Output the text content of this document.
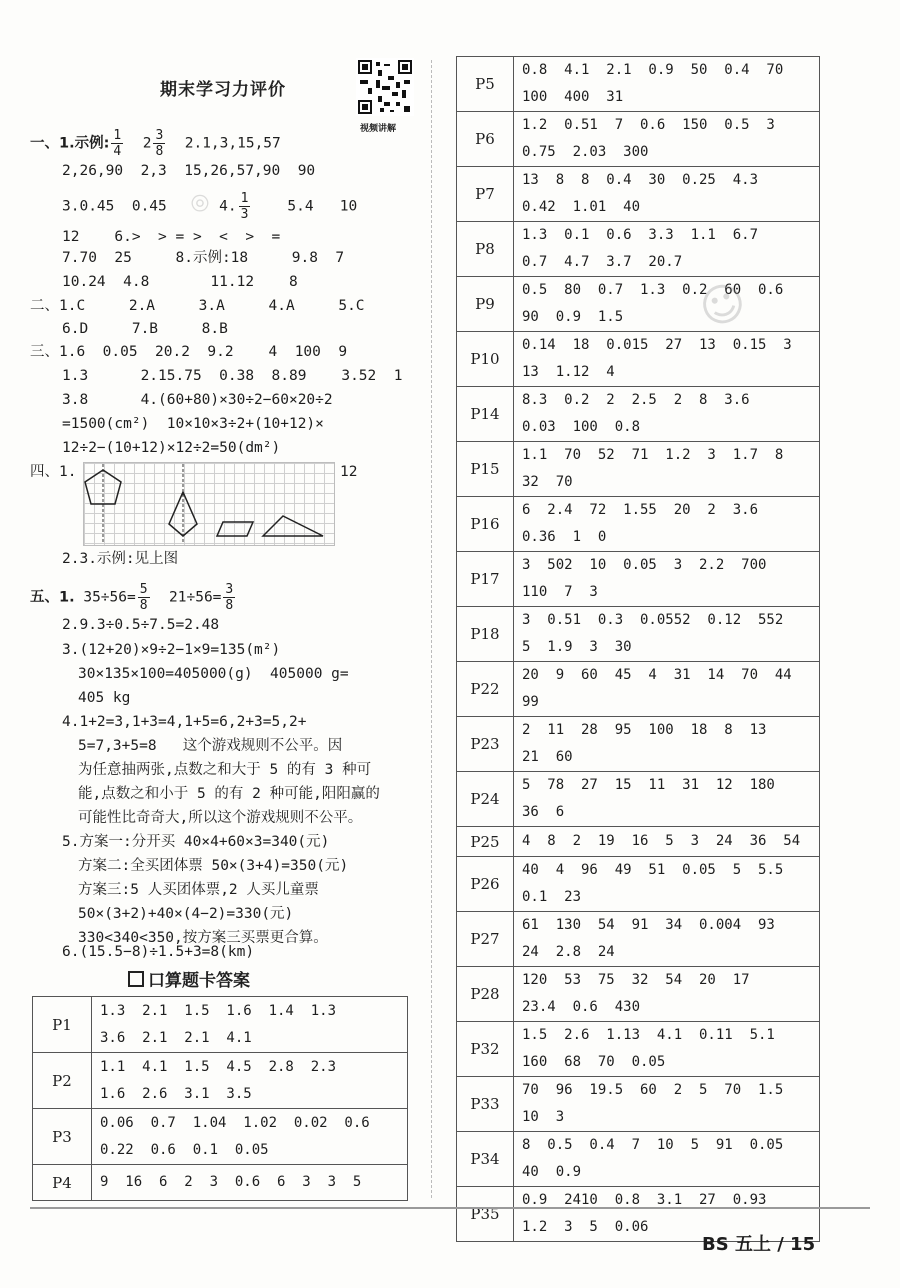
期末学习力评价
视频讲解
一、1.示例: $\frac{1}{4} 2 \frac{3}{8} 2.1,3,15,57$
2,26,90  2,3  15,26,57,90  90
3.0.45  0.45	4. $\frac{1}{3}$	5.4   10
12    6.>  > = >  <  >  =
7.70  25     8.示例:18     9.8  7
10.24  4.8       11.12    8
二、1.C     2.A     3.A     4.A     5.C
6.D     7.B     8.B
三、1.6  0.05  20.2  9.2    4  100  9
1.3      2.15.75  0.38  8.89    3.52  1
3.8      4.(60+80)×30÷2−60×20÷2
=1500(cm²)  10×10×3÷2+(10+12)×
12÷2−(10+12)×12÷2=50(dm²)
四、1.	12
2.3.示例:见上图
五、1. $35\div 56= \frac{5}{8} 21\div 56= \frac{3}{8}$
2.9.3÷0.5÷7.5=2.48
3.(12+20)×9÷2−1×9=135(m²)
30×135×100=405000(g)  405000 g=
405 kg
4.1+2=3,1+3=4,1+5=6,2+3=5,2+
5=7,3+5=8   这个游戏规则不公平。因
为任意抽两张,点数之和大于 5 的有 3 种可
能,点数之和小于 5 的有 2 种可能,阳阳赢的
可能性比奇奇大,所以这个游戏规则不公平。
5.方案一:分开买 40×4+60×3=340(元)
方案二:全买团体票 50×(3+4)=350(元)
方案三:5 人买团体票,2 人买儿童票
50×(3+2)+40×(4−2)=330(元)
330<340<350,按方案三买票更合算。
6.(15.5−8)÷1.5+3=8(km)
口算题卡答案
P1	1.3  2.1  1.5  1.6  1.4  1.3
3.6  2.1  2.1  4.1
P2	1.1  4.1  1.5  4.5  2.8  2.3
1.6  2.6  3.1  3.5
P3	0.06  0.7  1.04  1.02  0.02  0.6
0.22  0.6  0.1  0.05
P4	9  16  6  2  3  0.6  6  3  3  5
P5	0.8  4.1  2.1  0.9  50  0.4  70
100  400  31
P6	1.2  0.51  7  0.6  150  0.5  3
0.75  2.03  300
P7	13  8  8  0.4  30  0.25  4.3
0.42  1.01  40
P8	1.3  0.1  0.6  3.3  1.1  6.7
0.7  4.7  3.7  20.7
P9	0.5  80  0.7  1.3  0.2  60  0.6
90  0.9  1.5
P10	0.14  18  0.015  27  13  0.15  3
13  1.12  4
P14	8.3  0.2  2  2.5  2  8  3.6
0.03  100  0.8
P15	1.1  70  52  71  1.2  3  1.7  8
32  70
P16	6  2.4  72  1.55  20  2  3.6
0.36  1  0
P17	3  502  10  0.05  3  2.2  700
110  7  3
P18	3  0.51  0.3  0.0552  0.12  552
5  1.9  3  30
P22	20  9  60  45  4  31  14  70  44  99
P23	2  11  28  95  100  18  8  13
21  60
P24	5  78  27  15  11  31  12  180
36  6
P25	4  8  2  19  16  5  3  24  36  54
P26	40  4  96  49  51  0.05  5  5.5
0.1  23
P27	61  130  54  91  34  0.004  93
24  2.8  24
P28	120  53  75  32  54  20  17
23.4  0.6  430
P32	1.5  2.6  1.13  4.1  0.11  5.1
160  68  70  0.05
P33	70  96  19.5  60  2  5  70  1.5
10  3
P34	8  0.5  0.4  7  10  5  91  0.05
40  0.9
P35	0.9  2410  0.8  3.1  27  0.93
1.2  3  5  0.06
◎
☺
BS 五上 / 15
